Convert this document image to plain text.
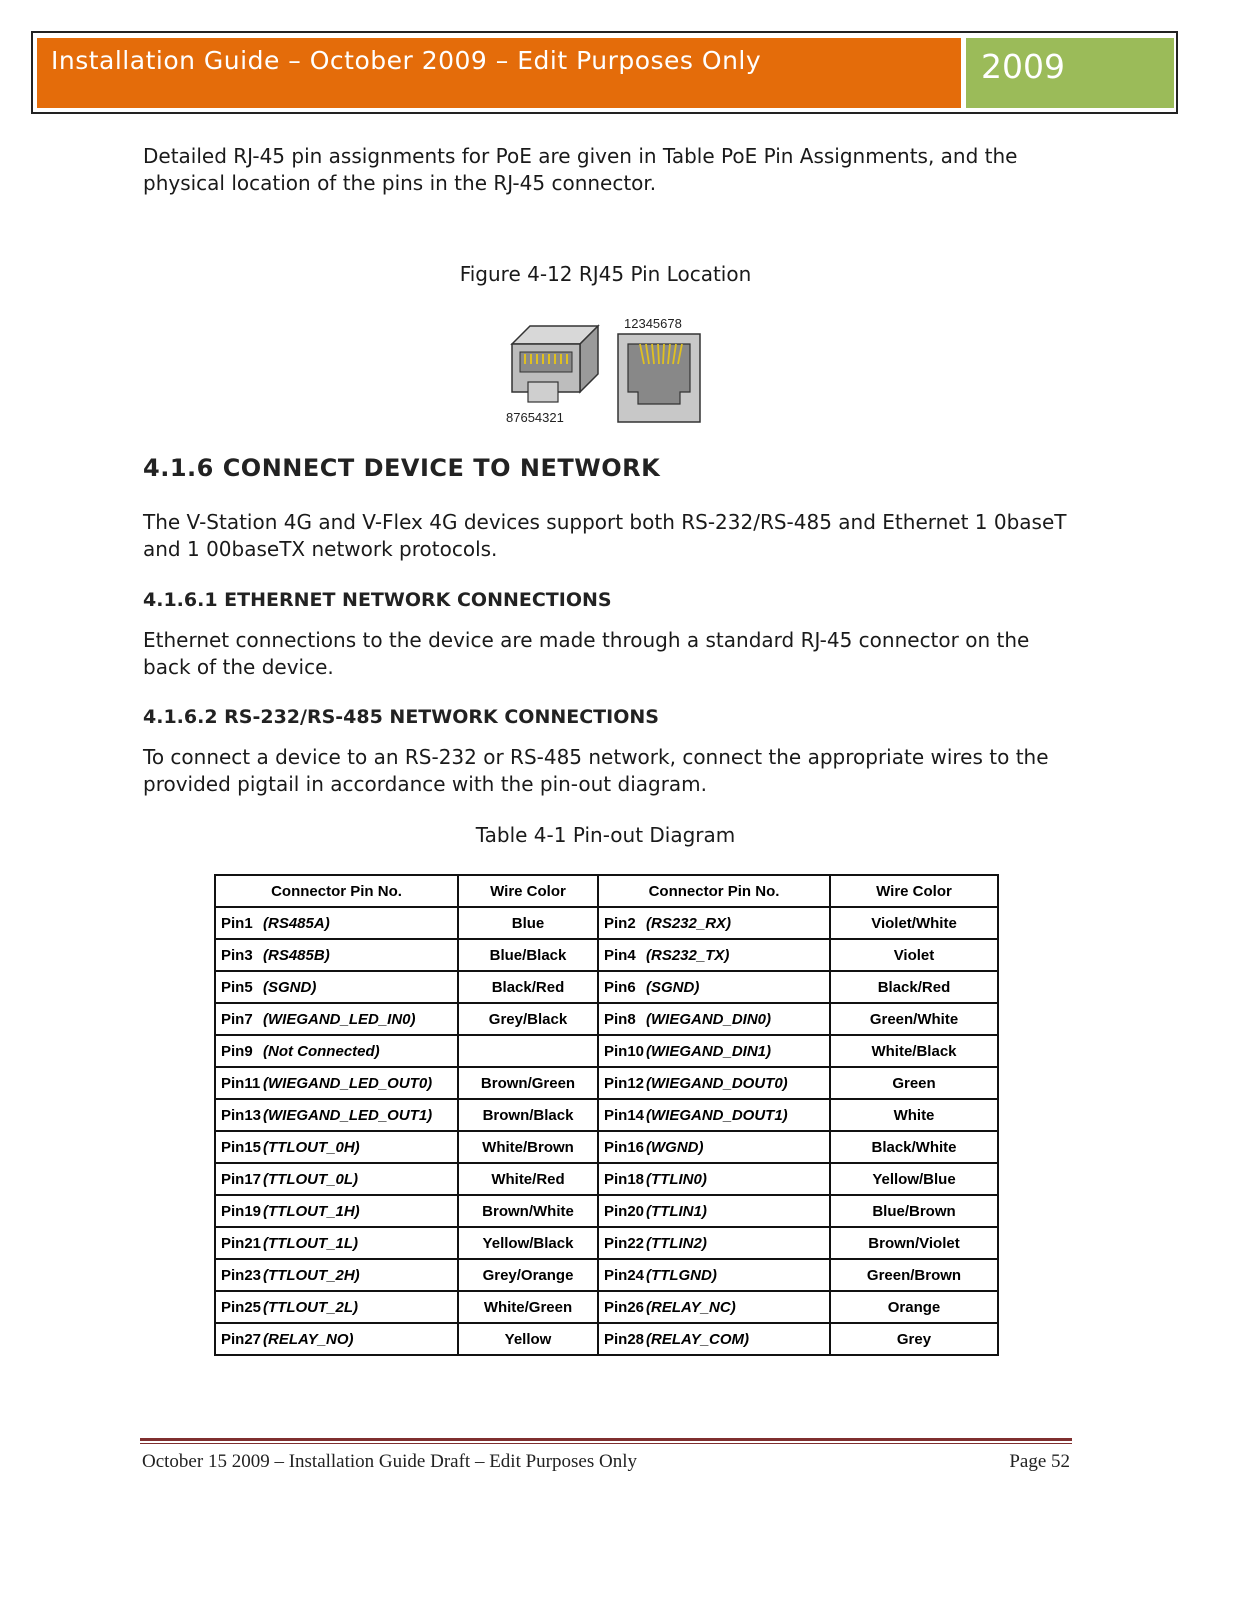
Installation Guide – October 2009 – Edit Purposes Only	2009
Detailed RJ-45 pin assignments for PoE are given in Table PoE Pin Assignments, and the physical location of the pins in the RJ-45 connector.
Figure 4-12 RJ45 Pin Location
87654321
12345678
4.1.6 CONNECT DEVICE TO NETWORK
The V-Station 4G and V-Flex 4G devices support both RS-232/RS-485 and Ethernet 1 0baseT and 1 00baseTX network protocols.
4.1.6.1 ETHERNET NETWORK CONNECTIONS
Ethernet connections to the device are made through a standard RJ-45 connector on the back of the device.
4.1.6.2 RS-232/RS-485 NETWORK CONNECTIONS
To connect a device to an RS-232 or RS-485 network, connect the appropriate wires to the provided pigtail in accordance with the pin-out diagram.
Table 4-1 Pin-out Diagram
Connector Pin No.	Wire Color	Connector Pin No.	Wire Color
Pin1 (RS485A)	Blue	Pin2 (RS232_RX)	Violet/White
Pin3 (RS485B)	Blue/Black	Pin4 (RS232_TX)	Violet
Pin5 (SGND)	Black/Red	Pin6 (SGND)	Black/Red
Pin7 (WIEGAND_LED_IN0)	Grey/Black	Pin8 (WIEGAND_DIN0)	Green/White
Pin9 (Not Connected)		Pin10 (WIEGAND_DIN1)	White/Black
Pin11 (WIEGAND_LED_OUT0)	Brown/Green	Pin12 (WIEGAND_DOUT0)	Green
Pin13 (WIEGAND_LED_OUT1)	Brown/Black	Pin14 (WIEGAND_DOUT1)	White
Pin15 (TTLOUT_0H)	White/Brown	Pin16 (WGND)	Black/White
Pin17 (TTLOUT_0L)	White/Red	Pin18 (TTLIN0)	Yellow/Blue
Pin19 (TTLOUT_1H)	Brown/White	Pin20 (TTLIN1)	Blue/Brown
Pin21 (TTLOUT_1L)	Yellow/Black	Pin22 (TTLIN2)	Brown/Violet
Pin23 (TTLOUT_2H)	Grey/Orange	Pin24 (TTLGND)	Green/Brown
Pin25 (TTLOUT_2L)	White/Green	Pin26 (RELAY_NC)	Orange
Pin27 (RELAY_NO)	Yellow	Pin28 (RELAY_COM)	Grey
October 15 2009 – Installation Guide Draft – Edit Purposes Only	Page 52
